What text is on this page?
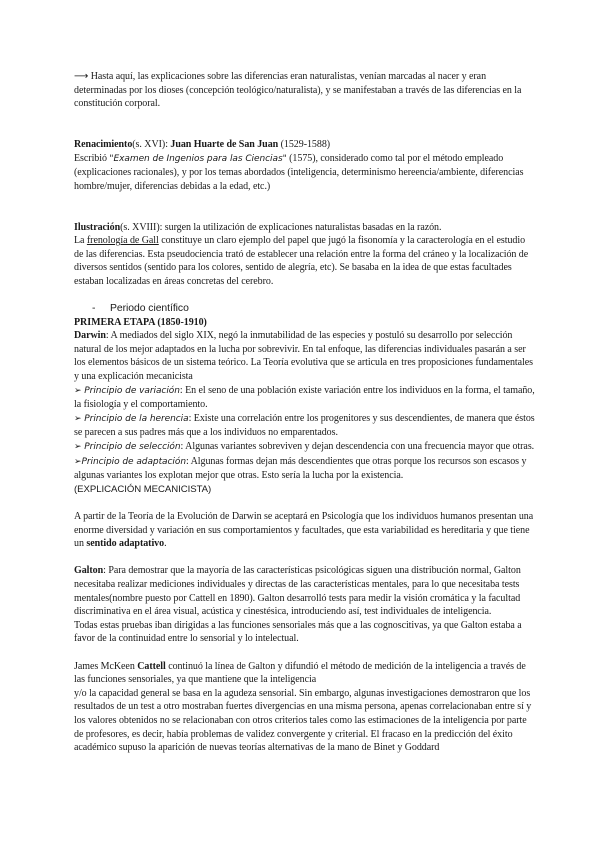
⟶ Hasta aquí, las explicaciones sobre las diferencias eran naturalistas, venían marcadas al nacer y eran determinadas por los dioses (concepción teológico/naturalista), y se manifestaban a través de las diferencias en la constitución corporal.

Renacimiento(s. XVI): Juan Huarte de San Juan (1529-1588)
Escribió "Examen de Ingenios para las Ciencias" (1575), considerado como tal por el método empleado (explicaciones racionales), y por los temas abordados (inteligencia, determinismo hereencia/ambiente, diferencias hombre/mujer, diferencias debidas a la edad, etc.)

Ilustración(s. XVIII): surgen la utilización de explicaciones naturalistas basadas en la razón.
La frenología de Gall constituye un claro ejemplo del papel que jugó la fisonomía y la caracterología en el estudio de las diferencias. Esta pseudociencia trató de establecer una relación entre la forma del cráneo y la localización de diversos sentidos (sentido para los colores, sentido de alegría, etc). Se basaba en la idea de que estas facultades estaban localizadas en áreas concretas del cerebro.

- Periodo científico

PRIMERA ETAPA (1850-1910)

Darwin: A mediados del siglo XIX, negó la inmutabilidad de las especies y postuló su desarrollo por selección natural de los mejor adaptados en la lucha por sobrevivir. En tal enfoque, las diferencias individuales pasarán a ser los elementos básicos de un sistema teórico. La Teoría evolutiva que se articula en tres proposiciones fundamentales y una explicación mecanicista

➢ Principio de variación: En el seno de una población existe variación entre los individuos en la forma, el tamaño, la fisiología y el comportamiento.

➢ Principio de la herencia: Existe una correlación entre los progenitores y sus descendientes, de manera que éstos se parecen a sus padres más que a los individuos no emparentados.

➢ Principio de selección: Algunas variantes sobreviven y dejan descendencia con una frecuencia mayor que otras.

➢Principio de adaptación: Algunas formas dejan más descendientes que otras porque los recursos son escasos y algunas variantes los explotan mejor que otras. Esto sería la lucha por la existencia.

(EXPLICACIÓN MECANICISTA)

A partir de la Teoría de la Evolución de Darwin se aceptará en Psicología que los individuos humanos presentan una enorme diversidad y variación en sus comportamientos y facultades, que esta variabilidad es hereditaria y que tiene un sentido adaptativo.

Galton: Para demostrar que la mayoría de las características psicológicas siguen una distribución normal, Galton necesitaba realizar mediciones individuales y directas de las características mentales, para lo que necesitaba tests mentales(nombre puesto por Cattell en 1890). Galton desarrolló tests para medir la visión cromática y la facultad discriminativa en el área visual, acústica y cinestésica, introduciendo así, test individuales de inteligencia.

Todas estas pruebas iban dirigidas a las funciones sensoriales más que a las cognoscitivas, ya que Galton estaba a favor de la continuidad entre lo sensorial y lo intelectual.

James McKeen Cattell continuó la línea de Galton y difundió el método de medición de la inteligencia a través de las funciones sensoriales, ya que mantiene que la inteligencia

y/o la capacidad general se basa en la agudeza sensorial. Sin embargo, algunas investigaciones demostraron que los resultados de un test a otro mostraban fuertes divergencias en una misma persona, apenas correlacionaban entre sí y los valores obtenidos no se relacionaban con otros criterios tales como las estimaciones de la inteligencia por parte de profesores, es decir, había problemas de validez convergente y criterial. El fracaso en la predicción del éxito académico supuso la aparición de nuevas teorías alternativas de la mano de Binet y Goddard
